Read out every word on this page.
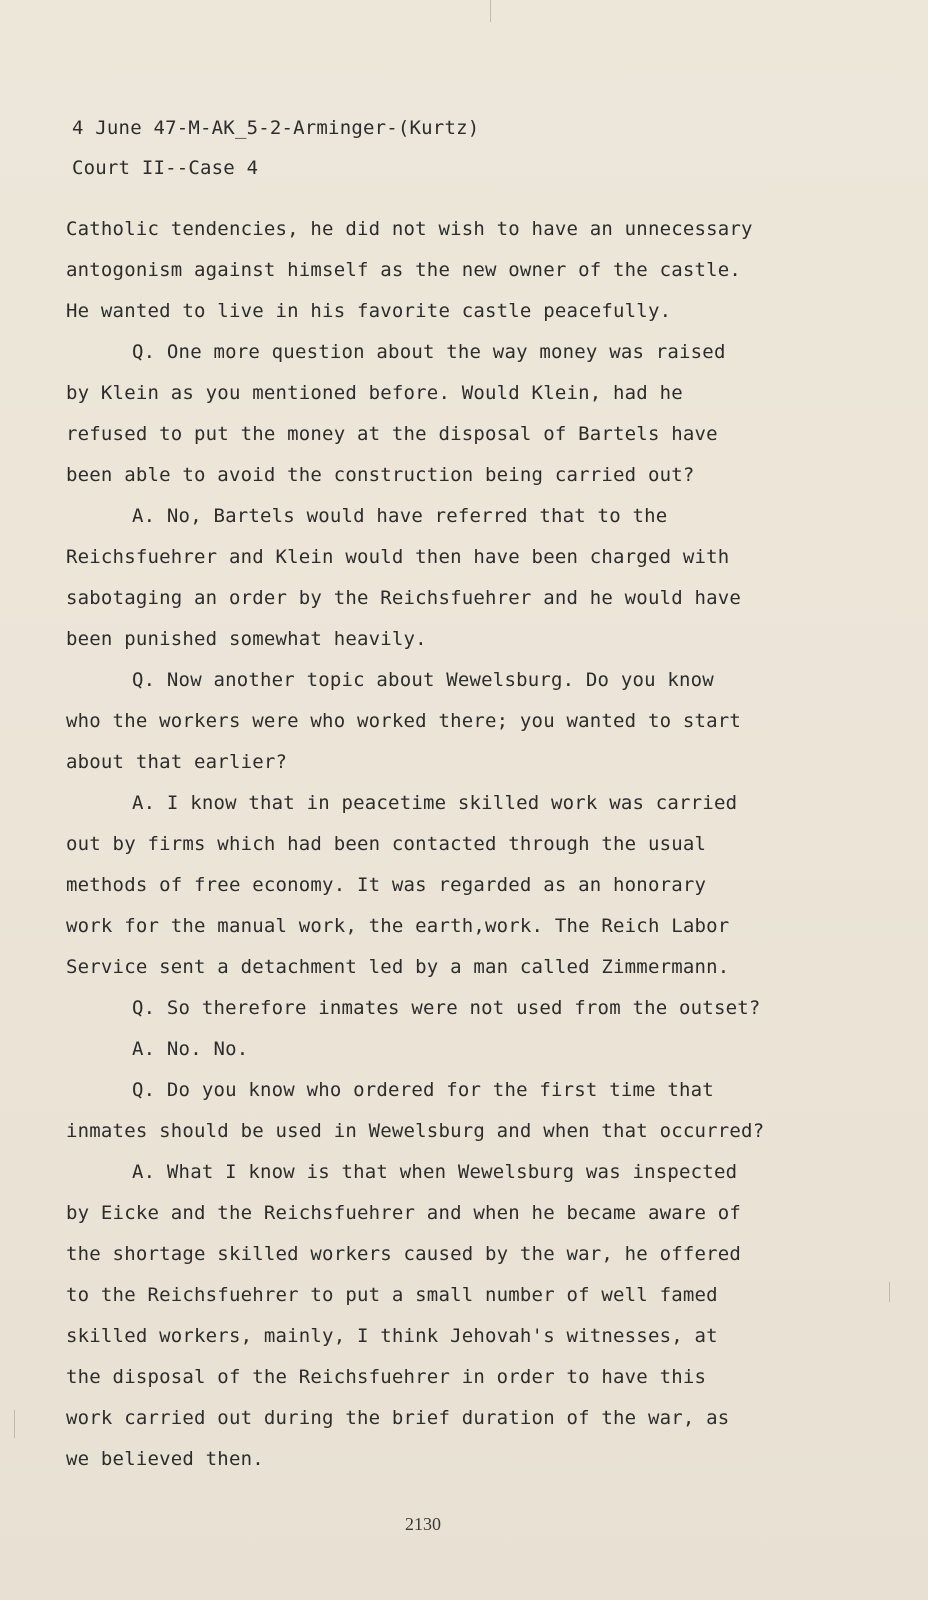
4 June 47-M-AK_5-2-Arminger-(Kurtz)
Court II--Case 4
Catholic tendencies, he did not wish to have an unnecessary
antogonism against himself as the new owner of the castle.
He wanted to live in his favorite castle peacefully.
Q. One more question about the way money was raised
by Klein as you mentioned before. Would Klein, had he
refused to put the money at the disposal of Bartels have
been able to avoid the construction being carried out?
A. No, Bartels would have referred that to the
Reichsfuehrer and Klein would then have been charged with
sabotaging an order by the Reichsfuehrer and he would have
been punished somewhat heavily.
Q. Now another topic about Wewelsburg. Do you know
who the workers were who worked there; you wanted to start
about that earlier?
A. I know that in peacetime skilled work was carried
out by firms which had been contacted through the usual
methods of free economy. It was regarded as an honorary
work for the manual work, the earth,work. The Reich Labor
Service sent a detachment led by a man called Zimmermann.
Q. So therefore inmates were not used from the outset?
A. No. No.
Q. Do you know who ordered for the first time that
inmates should be used in Wewelsburg and when that occurred?
A. What I know is that when Wewelsburg was inspected
by Eicke and the Reichsfuehrer and when he became aware of
the shortage skilled workers caused by the war, he offered
to the Reichsfuehrer to put a small number of well famed
skilled workers, mainly, I think Jehovah's witnesses, at
the disposal of the Reichsfuehrer in order to have this
work carried out during the brief duration of the war, as
we believed then.
2130
